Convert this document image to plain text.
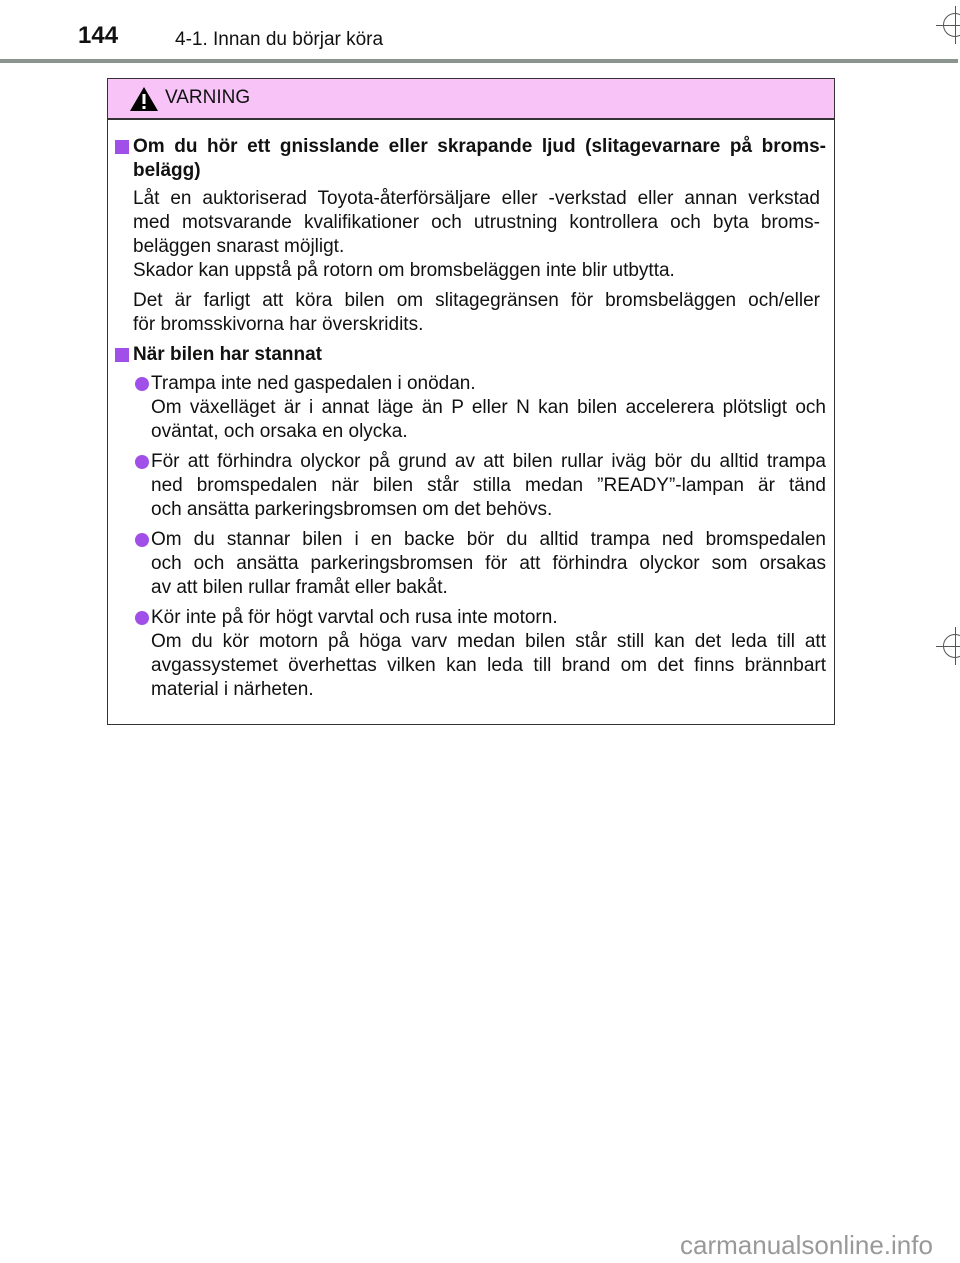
144	4-1. Innan du börjar köra
VARNING
Om du hör ett gnisslande eller skrapande ljud (slitagevarnare på broms-
belägg)
Låt en auktoriserad Toyota-återförsäljare eller -verkstad eller annan verkstad
med motsvarande kvalifikationer och utrustning kontrollera och byta broms-
beläggen snarast möjligt.
Skador kan uppstå på rotorn om bromsbeläggen inte blir utbytta.
Det är farligt att köra bilen om slitagegränsen för bromsbeläggen och/eller
för bromsskivorna har överskridits.
När bilen har stannat
Trampa inte ned gaspedalen i onödan.
Om växelläget är i annat läge än P eller N kan bilen accelerera plötsligt och
oväntat, och orsaka en olycka.
För att förhindra olyckor på grund av att bilen rullar iväg bör du alltid trampa
ned bromspedalen när bilen står stilla medan ”READY”-lampan är tänd
och ansätta parkeringsbromsen om det behövs.
Om du stannar bilen i en backe bör du alltid trampa ned bromspedalen
och och ansätta parkeringsbromsen för att förhindra olyckor som orsakas
av att bilen rullar framåt eller bakåt.
Kör inte på för högt varvtal och rusa inte motorn.
Om du kör motorn på höga varv medan bilen står still kan det leda till att
avgassystemet överhettas vilken kan leda till brand om det finns brännbart
material i närheten.
carmanualsonline.info
